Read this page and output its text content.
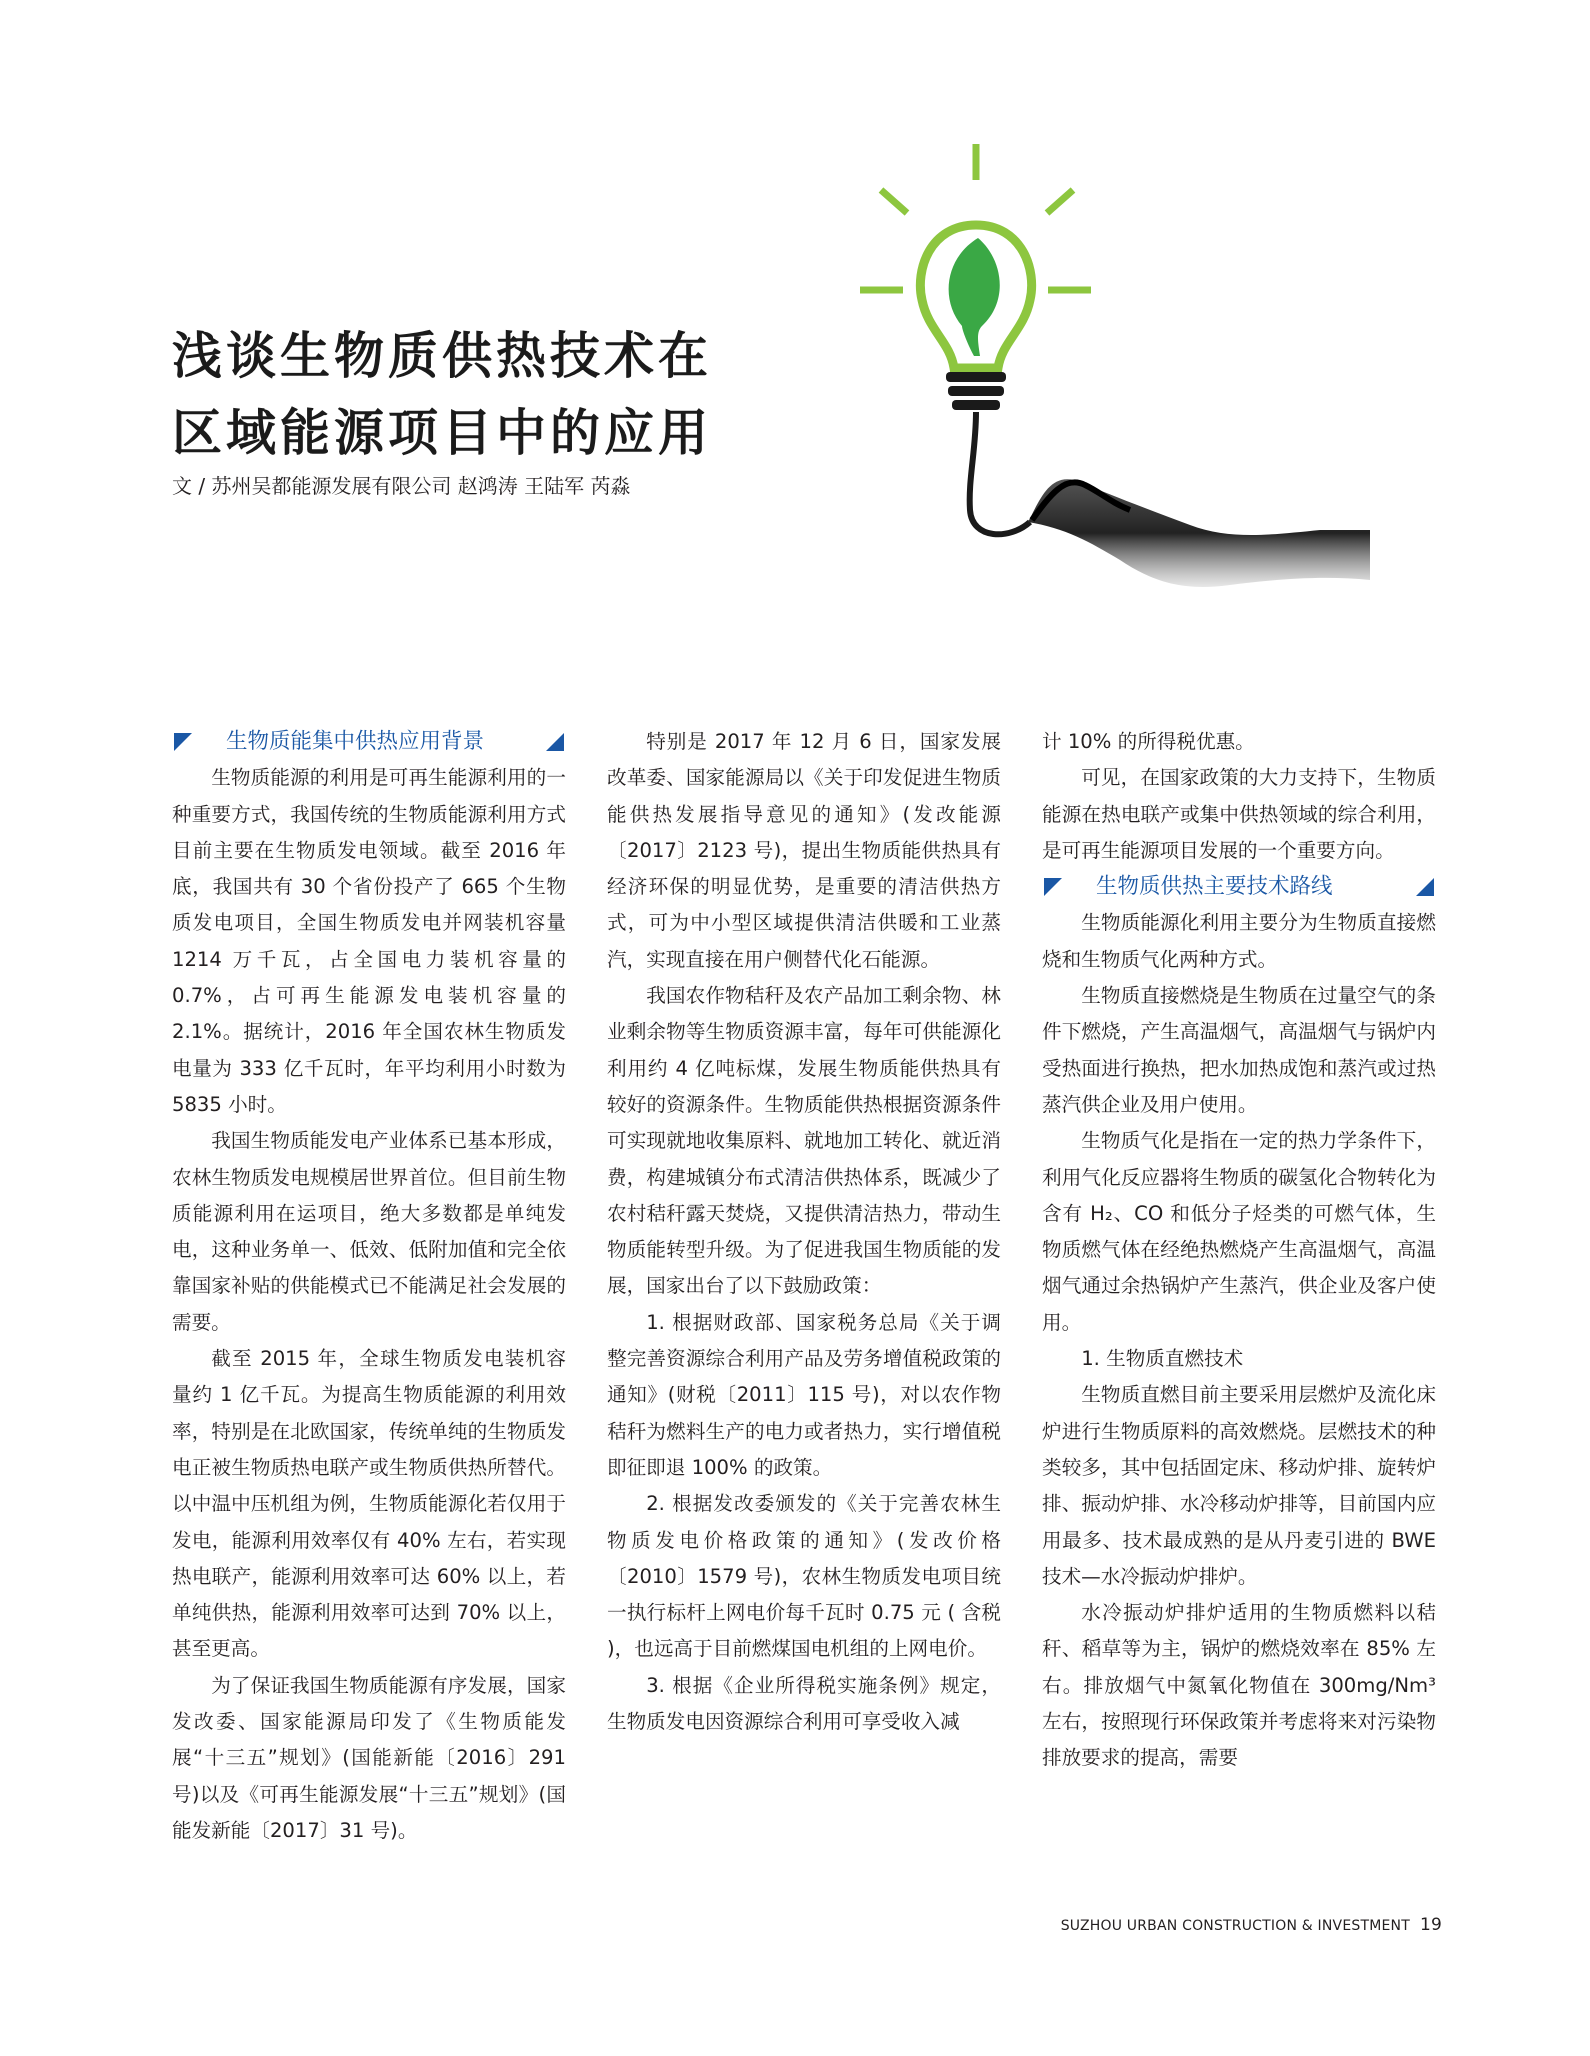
浅谈生物质供热技术在
区域能源项目中的应用
文 / 苏州吴都能源发展有限公司 赵鸿涛 王陆军 芮淼
生物质能集中供热应用背景

生物质能源的利用是可再生能源利用的一种重要方式，我国传统的生物质能源利用方式目前主要在生物质发电领域。截至 2016 年底，我国共有 30 个省份投产了 665 个生物质发电项目，全国生物质发电并网装机容量 1214 万千瓦，占全国电力装机容量的 0.7%，占可再生能源发电装机容量的 2.1%。据统计，2016 年全国农林生物质发电量为 333 亿千瓦时，年平均利用小时数为 5835 小时。

我国生物质能发电产业体系已基本形成，农林生物质发电规模居世界首位。但目前生物质能源利用在运项目，绝大多数都是单纯发电，这种业务单一、低效、低附加值和完全依靠国家补贴的供能模式已不能满足社会发展的需要。

截至 2015 年，全球生物质发电装机容量约 1 亿千瓦。为提高生物质能源的利用效率，特别是在北欧国家，传统单纯的生物质发电正被生物质热电联产或生物质供热所替代。以中温中压机组为例，生物质能源化若仅用于发电，能源利用效率仅有 40% 左右，若实现热电联产，能源利用效率可达 60% 以上，若单纯供热，能源利用效率可达到 70% 以上，甚至更高。

为了保证我国生物质能源有序发展，国家发改委、国家能源局印发了《生物质能发展“十三五”规划》(国能新能〔2016〕291 号)以及《可再生能源发展“十三五”规划》(国能发新能〔2017〕31 号)。

特别是 2017 年 12 月 6 日，国家发展改革委、国家能源局以《关于印发促进生物质能供热发展指导意见的通知》(发改能源〔2017〕2123 号)，提出生物质能供热具有经济环保的明显优势，是重要的清洁供热方式，可为中小型区域提供清洁供暖和工业蒸汽，实现直接在用户侧替代化石能源。

我国农作物秸秆及农产品加工剩余物、林业剩余物等生物质资源丰富，每年可供能源化利用约 4 亿吨标煤，发展生物质能供热具有较好的资源条件。生物质能供热根据资源条件可实现就地收集原料、就地加工转化、就近消费，构建城镇分布式清洁供热体系，既减少了农村秸秆露天焚烧，又提供清洁热力，带动生物质能转型升级。为了促进我国生物质能的发展，国家出台了以下鼓励政策：

1. 根据财政部、国家税务总局《关于调整完善资源综合利用产品及劳务增值税政策的通知》(财税〔2011〕115 号)，对以农作物秸秆为燃料生产的电力或者热力，实行增值税即征即退 100% 的政策。

2. 根据发改委颁发的《关于完善农林生物质发电价格政策的通知》(发改价格〔2010〕1579 号)，农林生物质发电项目统一执行标杆上网电价每千瓦时 0.75 元 ( 含税 )，也远高于目前燃煤国电机组的上网电价。

3. 根据《企业所得税实施条例》规定，生物质发电因资源综合利用可享受收入减

计 10% 的所得税优惠。

可见，在国家政策的大力支持下，生物质能源在热电联产或集中供热领域的综合利用，是可再生能源项目发展的一个重要方向。

生物质供热主要技术路线

生物质能源化利用主要分为生物质直接燃烧和生物质气化两种方式。

生物质直接燃烧是生物质在过量空气的条件下燃烧，产生高温烟气，高温烟气与锅炉内受热面进行换热，把水加热成饱和蒸汽或过热蒸汽供企业及用户使用。

生物质气化是指在一定的热力学条件下，利用气化反应器将生物质的碳氢化合物转化为含有 H₂、CO 和低分子烃类的可燃气体，生物质燃气体在经绝热燃烧产生高温烟气，高温烟气通过余热锅炉产生蒸汽，供企业及客户使用。

1. 生物质直燃技术

生物质直燃目前主要采用层燃炉及流化床炉进行生物质原料的高效燃烧。层燃技术的种类较多，其中包括固定床、移动炉排、旋转炉排、振动炉排、水冷移动炉排等，目前国内应用最多、技术最成熟的是从丹麦引进的 BWE 技术—水冷振动炉排炉。

水冷振动炉排炉适用的生物质燃料以秸秆、稻草等为主，锅炉的燃烧效率在 85% 左右。排放烟气中氮氧化物值在 300mg/Nm³ 左右，按照现行环保政策并考虑将来对污染物排放要求的提高，需要

SUZHOU URBAN CONSTRUCTION & INVESTMENT 19
